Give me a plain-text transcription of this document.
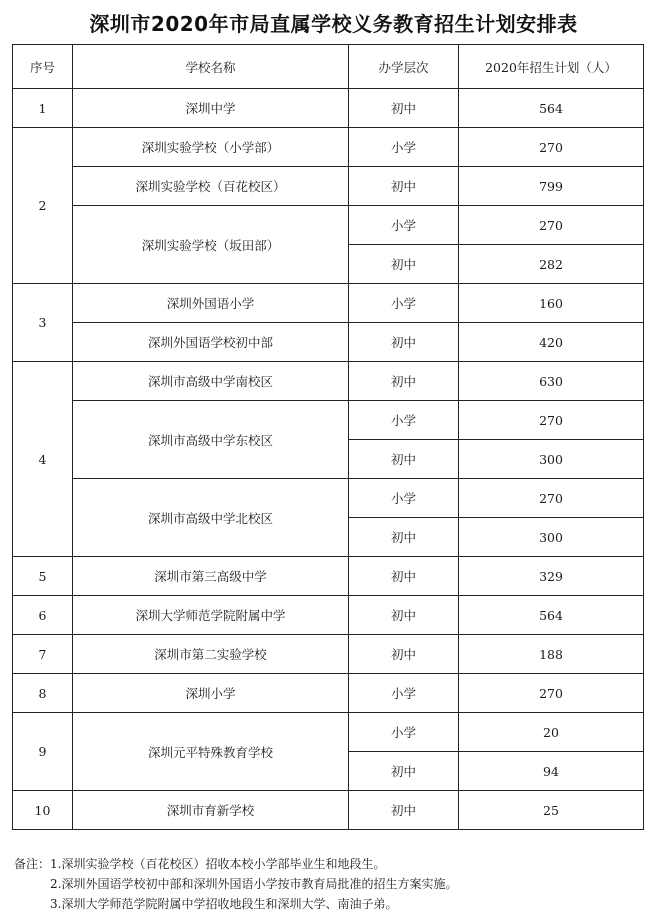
深圳市2020年市局直属学校义务教育招生计划安排表
序号	学校名称	办学层次	2020年招生计划（人）
1	深圳中学	初中	564
2	深圳实验学校（小学部）	小学	270
	深圳实验学校（百花校区）	初中	799
	深圳实验学校（坂田部）	小学	270
		初中	282
3	深圳外国语小学	小学	160
	深圳外国语学校初中部	初中	420
4	深圳市高级中学南校区	初中	630
	深圳市高级中学东校区	小学	270
		初中	300
	深圳市高级中学北校区	小学	270
		初中	300
5	深圳市第三高级中学	初中	329
6	深圳大学师范学院附属中学	初中	564
7	深圳市第二实验学校	初中	188
8	深圳小学	小学	270
9	深圳元平特殊教育学校	小学	20
		初中	94
10	深圳市育新学校	初中	25
备注：1.深圳实验学校（百花校区）招收本校小学部毕业生和地段生。
2.深圳外国语学校初中部和深圳外国语小学按市教育局批准的招生方案实施。
3.深圳大学师范学院附属中学招收地段生和深圳大学、南油子弟。
